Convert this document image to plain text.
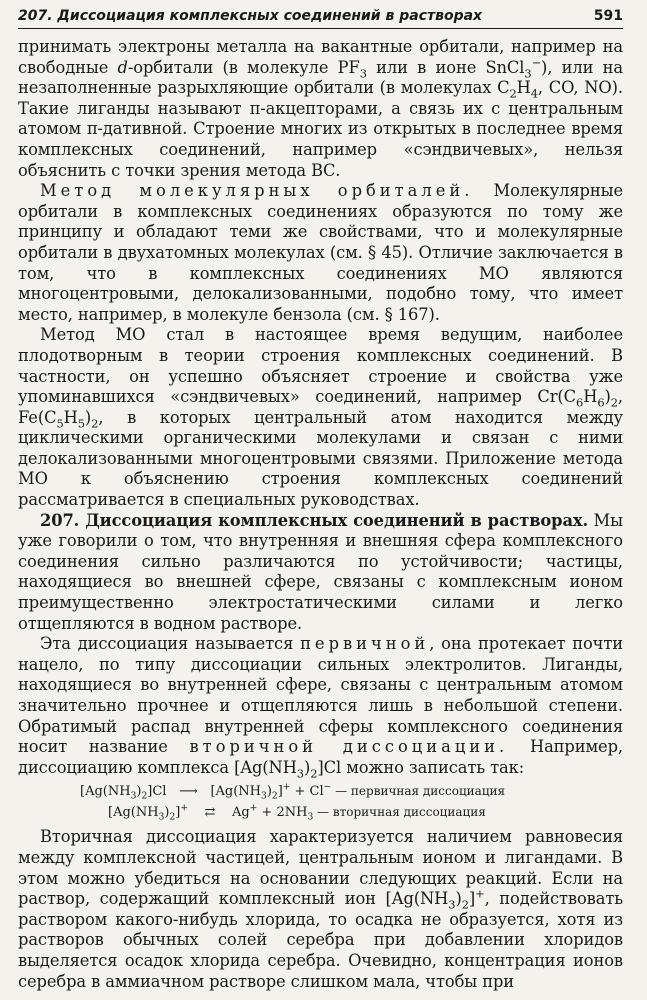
207. Диссоциация комплексных соединений в растворах	591

принимать электроны металла на вакантные орбитали, например на свободные d-орбитали (в молекуле $PF_3$ или в ионе SnCl$_3$−), или на незаполненные разрыхляющие орбитали (в молекулах $C_2H_4$, CO, NO). Такие лиганды называют π-акцепторами, а связь их с центральным атомом π-дативной. Строение многих из открытых в последнее время комплексных соединений, например «сэндвичевых», нельзя объяснить с точки зрения метода ВС.

Метод молекулярных орбиталей. Молекулярные орбитали в комплексных соединениях образуются по тому же принципу и обладают теми же свойствами, что и молекулярные орбитали в двухатомных молекулах (см. § 45). Отличие заключается в том, что в комплексных соединениях МО являются многоцентровыми, делокализованными, подобно тому, что имеет место, например, в молекуле бензола (см. § 167).

Метод МО стал в настоящее время ведущим, наиболее плодотворным в теории строения комплексных соединений. В частности, он успешно объясняет строение и свойства уже упоминавшихся «сэндвичевых» соединений, например $Cr(C_6H_6)_2$, $Fe(C_5H_5)_2$, в которых центральный атом находится между циклическими органическими молекулами и связан с ними делокализованными многоцентровыми связями. Приложение метода МО к объяснению строения комплексных соединений рассматривается в специальных руководствах.

207. Диссоциация комплексных соединений в растворах. Мы уже говорили о том, что внутренняя и внешняя сфера комплексного соединения сильно различаются по устойчивости; частицы, находящиеся во внешней сфере, связаны с комплексным ионом преимущественно электростатическими силами и легко отщепляются в водном растворе.

Эта диссоциация называется первичной, она протекает почти нацело, по типу диссоциации сильных электролитов. Лиганды, находящиеся во внутренней сфере, связаны с центральным атомом значительно прочнее и отщепляются лишь в небольшой степени. Обратимый распад внутренней сферы комплексного соединения носит название вторичной диссоциации. Например, диссоциацию комплекса $[Ag(NH_3)_2]Cl$ можно записать так:

$[Ag(NH_3)_2]Cl$ ⟶ $[Ag(NH_3)_2]^+ + Cl^-$ — первичная диссоциация
$[Ag(NH_3)_2]^+$ ⇄ $Ag^+ + 2NH_3$ — вторичная диссоциация

Вторичная диссоциация характеризуется наличием равновесия между комплексной частицей, центральным ионом и лигандами. В этом можно убедиться на основании следующих реакций. Если на раствор, содержащий комплексный ион $[Ag(NH_3)_2]^+$, подействовать раствором какого-нибудь хлорида, то осадка не образуется, хотя из растворов обычных солей серебра при добавлении хлоридов выделяется осадок хлорида серебра. Очевидно, концентрация ионов серебра в аммиачном растворе слишком мала, чтобы при
